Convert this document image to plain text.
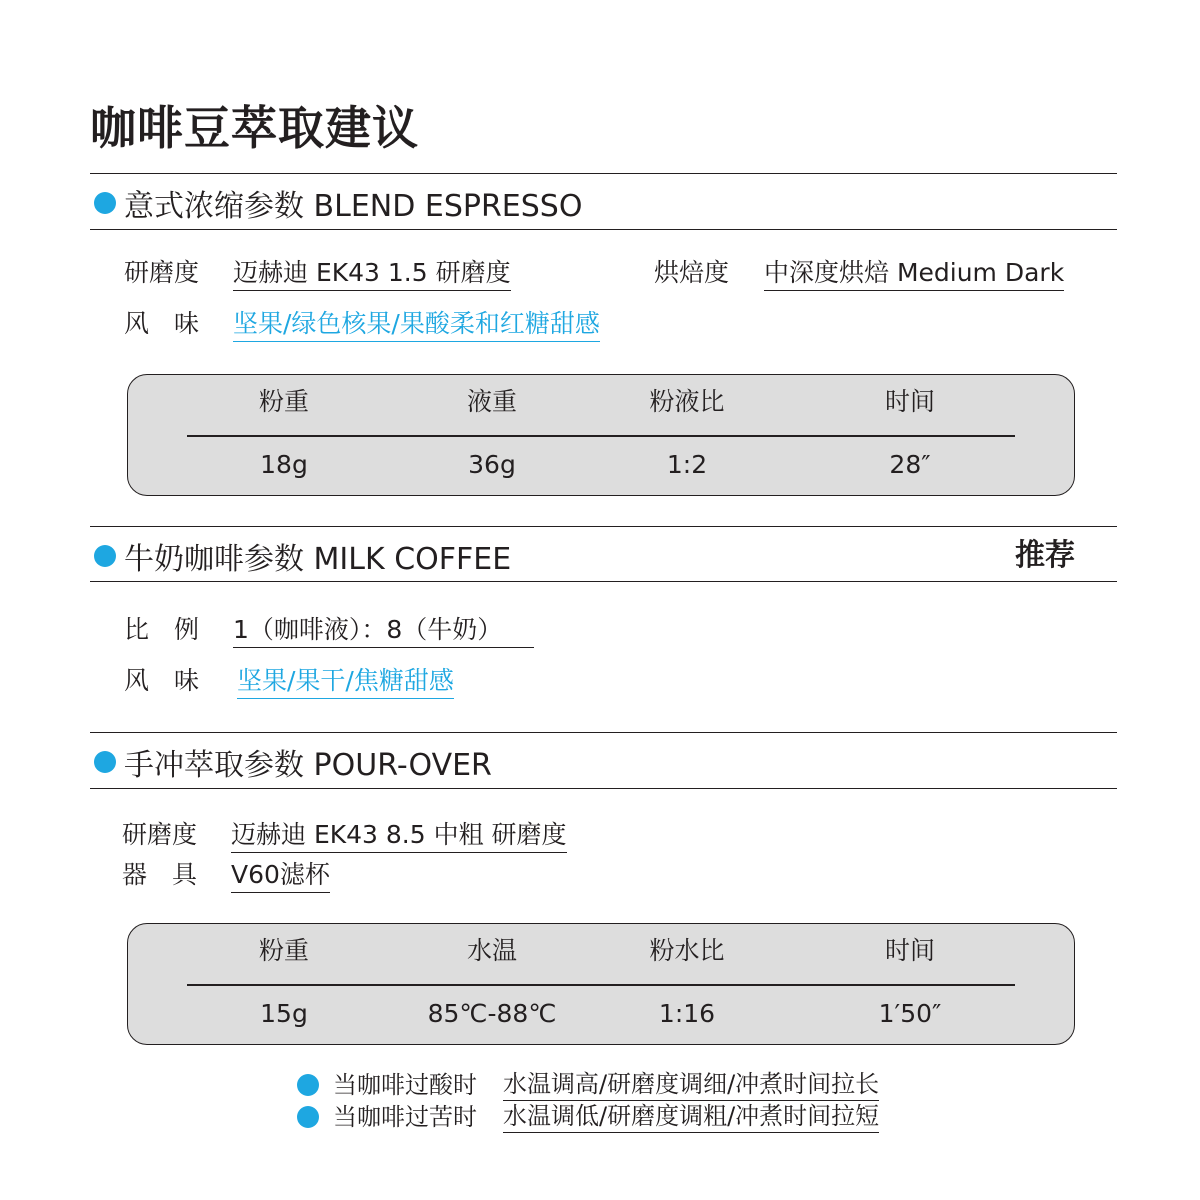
咖啡豆萃取建议
意式浓缩参数 BLEND ESPRESSO
研磨度 迈赫迪 EK43 1.5 研磨度	烘焙度 中深度烘焙 Medium Dark
风　味 坚果/绿色核果/果酸柔和红糖甜感
粉重	液重	粉液比	时间
18g	36g	1:2	28″
牛奶咖啡参数 MILK COFFEE	推荐
比　例 1（咖啡液）：8（牛奶）
风　味 坚果/果干/焦糖甜感
手冲萃取参数 POUR-OVER
研磨度 迈赫迪 EK43 8.5 中粗 研磨度
器　具 V60滤杯
粉重	水温	粉水比	时间
15g	85℃-88℃	1:16	1′50″
当咖啡过酸时 水温调高/研磨度调细/冲煮时间拉长
当咖啡过苦时 水温调低/研磨度调粗/冲煮时间拉短
